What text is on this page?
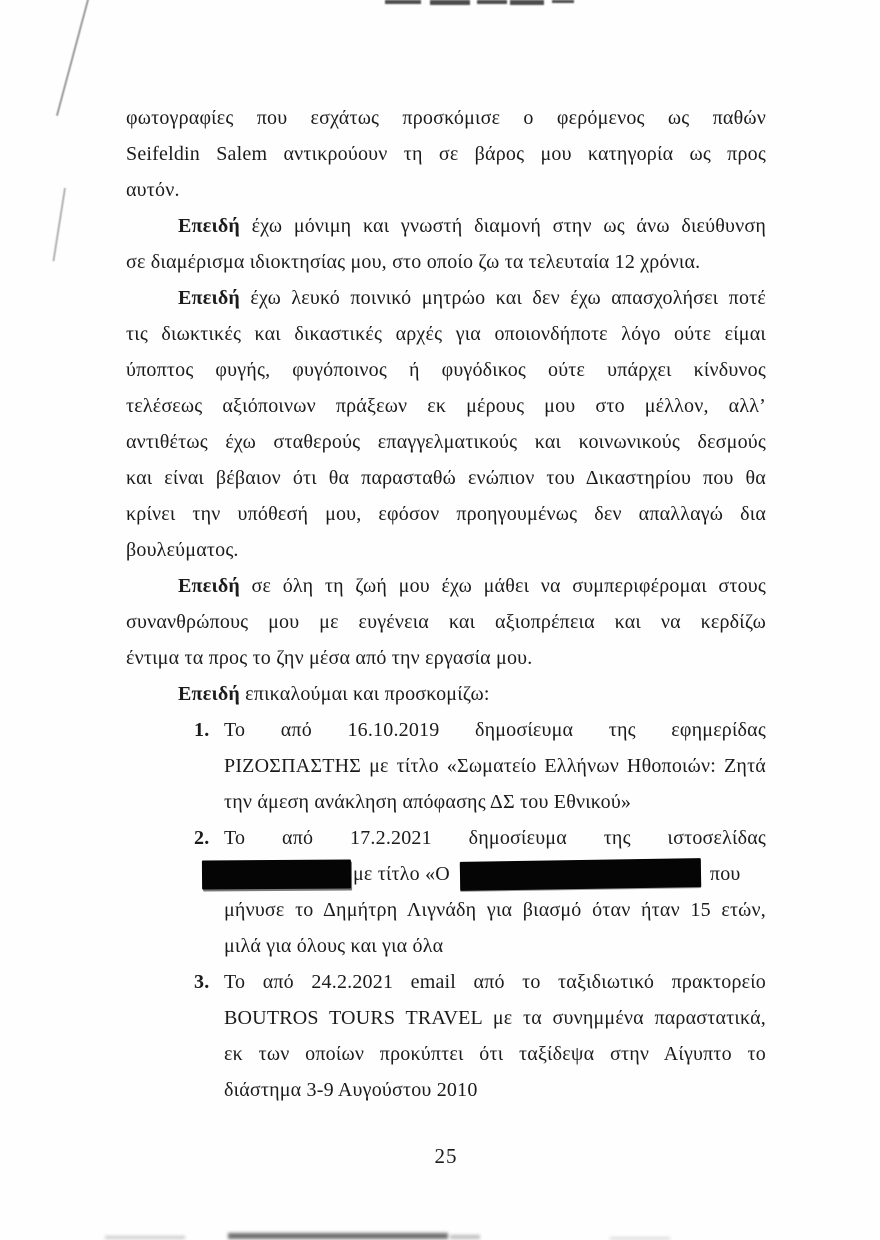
φωτογραφίες που εσχάτως προσκόμισε ο φερόμενος ως παθών
Seifeldin Salem αντικρούουν τη σε βάρος μου κατηγορία ως προς
αυτόν.
Επειδή έχω μόνιμη και γνωστή διαμονή στην ως άνω διεύθυνση
σε διαμέρισμα ιδιοκτησίας μου, στο οποίο ζω τα τελευταία 12 χρόνια.
Επειδή έχω λευκό ποινικό μητρώο και δεν έχω απασχολήσει ποτέ
τις διωκτικές και δικαστικές αρχές για οποιονδήποτε λόγο ούτε είμαι
ύποπτος φυγής, φυγόποινος ή φυγόδικος ούτε υπάρχει κίνδυνος
τελέσεως αξιόποινων πράξεων εκ μέρους μου στο μέλλον, αλλ’
αντιθέτως έχω σταθερούς επαγγελματικούς και κοινωνικούς δεσμούς
και είναι βέβαιον ότι θα παρασταθώ ενώπιον του Δικαστηρίου που θα
κρίνει την υπόθεσή μου, εφόσον προηγουμένως δεν απαλλαγώ δια
βουλεύματος.
Επειδή σε όλη τη ζωή μου έχω μάθει να συμπεριφέρομαι στους
συνανθρώπους μου με ευγένεια και αξιοπρέπεια και να κερδίζω
έντιμα τα προς το ζην μέσα από την εργασία μου.
Επειδή επικαλούμαι και προσκομίζω:
1. Το από 16.10.2019 δημοσίευμα της εφημερίδας
ΡΙΖΟΣΠΑΣΤΗΣ με τίτλο «Σωματείο Ελλήνων Ηθοποιών: Ζητά
την άμεση ανάκληση απόφασης ΔΣ του Εθνικού»
2. Το από 17.2.2021 δημοσίευμα της ιστοσελίδας
με τίτλο «Ο	που
μήνυσε το Δημήτρη Λιγνάδη για βιασμό όταν ήταν 15 ετών,
μιλά για όλους και για όλα
3. Το από 24.2.2021 email από το ταξιδιωτικό πρακτορείο
BOUTROS TOURS TRAVEL με τα συνημμένα παραστατικά,
εκ των οποίων προκύπτει ότι ταξίδεψα στην Αίγυπτο το
διάστημα 3-9 Αυγούστου 2010
25
